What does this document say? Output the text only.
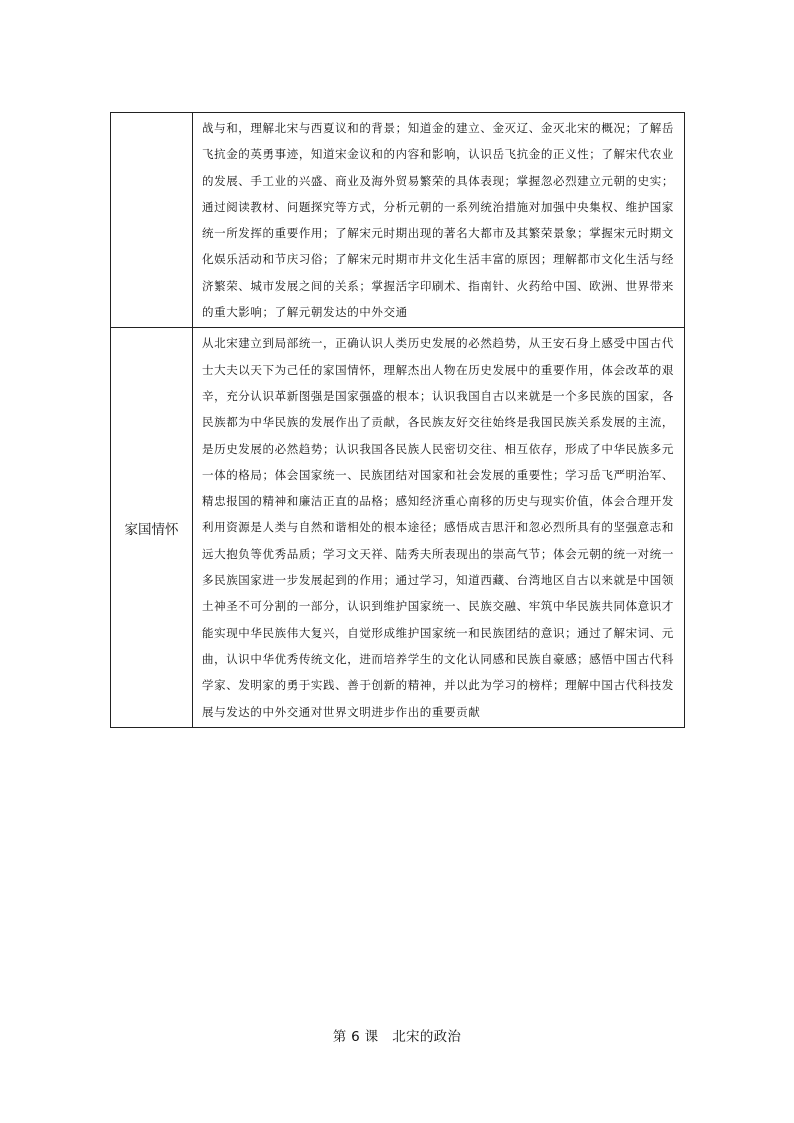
	战与和，理解北宋与西夏议和的背景；知道金的建立、金灭辽、金灭北宋的概况；了解岳飞抗金的英勇事迹，知道宋金议和的内容和影响，认识岳飞抗金的正义性；了解宋代农业的发展、手工业的兴盛、商业及海外贸易繁荣的具体表现；掌握忽必烈建立元朝的史实；通过阅读教材、问题探究等方式，分析元朝的一系列统治措施对加强中央集权、维护国家统一所发挥的重要作用；了解宋元时期出现的著名大都市及其繁荣景象；掌握宋元时期文化娱乐活动和节庆习俗；了解宋元时期市井文化生活丰富的原因；理解都市文化生活与经济繁荣、城市发展之间的关系；掌握活字印刷术、指南针、火药给中国、欧洲、世界带来的重大影响；了解元朝发达的中外交通

家国情怀	从北宋建立到局部统一，正确认识人类历史发展的必然趋势，从王安石身上感受中国古代士大夫以天下为己任的家国情怀，理解杰出人物在历史发展中的重要作用，体会改革的艰辛，充分认识革新图强是国家强盛的根本；认识我国自古以来就是一个多民族的国家，各民族都为中华民族的发展作出了贡献，各民族友好交往始终是我国民族关系发展的主流，是历史发展的必然趋势；认识我国各民族人民密切交往、相互依存，形成了中华民族多元一体的格局；体会国家统一、民族团结对国家和社会发展的重要性；学习岳飞严明治军、精忠报国的精神和廉洁正直的品格；感知经济重心南移的历史与现实价值，体会合理开发利用资源是人类与自然和谐相处的根本途径；感悟成吉思汗和忽必烈所具有的坚强意志和远大抱负等优秀品质；学习文天祥、陆秀夫所表现出的崇高气节；体会元朝的统一对统一多民族国家进一步发展起到的作用；通过学习，知道西藏、台湾地区自古以来就是中国领土神圣不可分割的一部分，认识到维护国家统一、民族交融、牢筑中华民族共同体意识才能实现中华民族伟大复兴，自觉形成维护国家统一和民族团结的意识；通过了解宋词、元曲，认识中华优秀传统文化，进而培养学生的文化认同感和民族自豪感；感悟中国古代科学家、发明家的勇于实践、善于创新的精神，并以此为学习的榜样；理解中国古代科技发展与发达的中外交通对世界文明进步作出的重要贡献
第 6 课　北宋的政治
